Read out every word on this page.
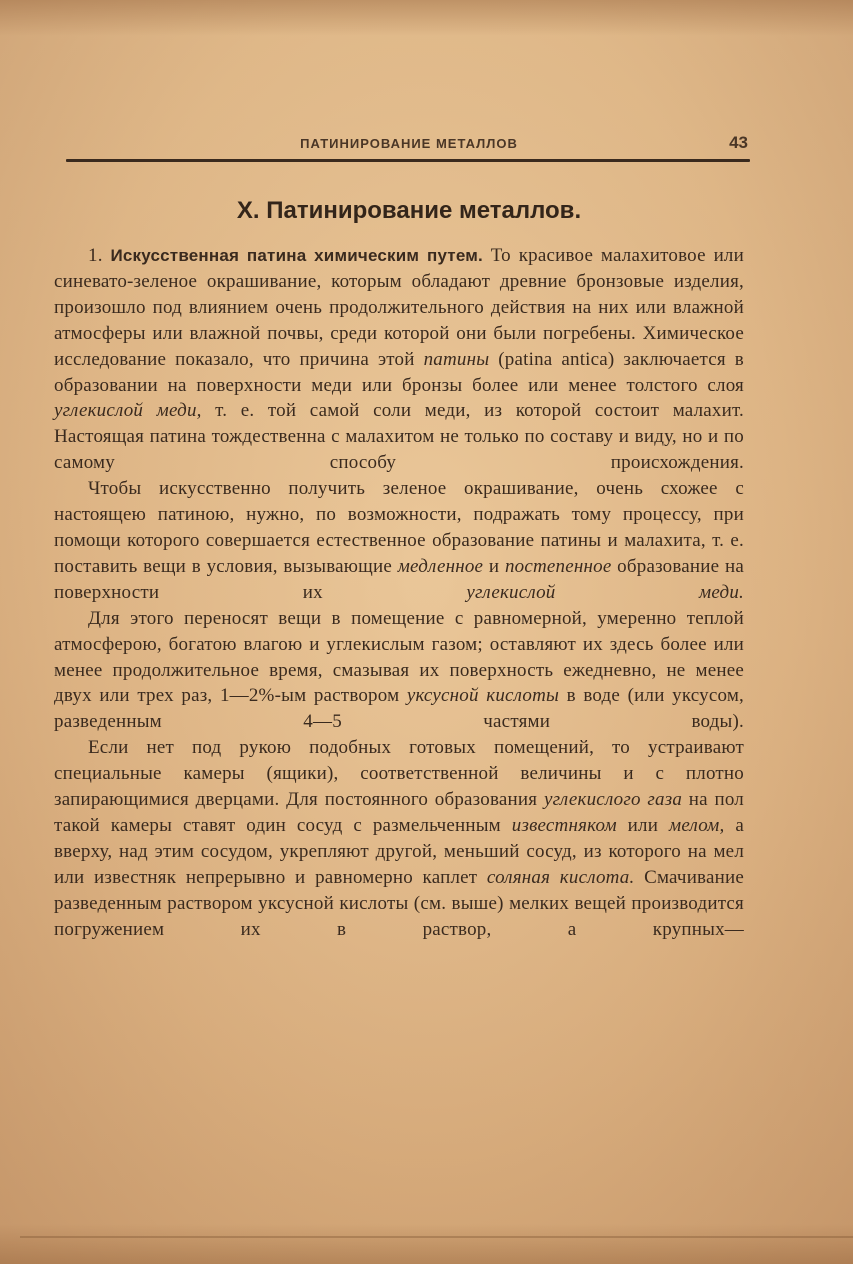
ПАТИНИРОВАНИЕ МЕТАЛЛОВ	43
X. Патинирование металлов.

1. Искусственная патина химическим путем. То красивое малахитовое или синевато-зеленое окрашивание, которым обладают древние бронзовые изделия, произошло под влиянием очень продолжительного действия на них или влажной атмосферы или влажной почвы, среди которой они были погребены. Химическое исследование показало, что причина этой патины (patina antica) заключается в образовании на поверхности меди или бронзы более или менее толстого слоя углекислой меди, т. е. той самой соли меди, из которой состоит малахит. Настоящая патина тождественна с малахитом не только по составу и виду, но и по самому способу происхождения.

Чтобы искусственно получить зеленое окрашивание, очень схожее с настоящею патиною, нужно, по возможности, подражать тому процессу, при помощи которого совершается естественное образование патины и малахита, т. е. поставить вещи в условия, вызывающие медленное и постепенное образование на поверхности их углекислой меди.

Для этого переносят вещи в помещение с равномерной, умеренно теплой атмосферою, богатою влагою и углекислым газом; оставляют их здесь более или менее продолжительное время, смазывая их поверхность ежедневно, не менее двух или трех раз, 1—2%-ым раствором уксусной кислоты в воде (или уксусом, разведенным 4—5 частями воды).

Если нет под рукою подобных готовых помещений, то устраивают специальные камеры (ящики), соответственной величины и с плотно запирающимися дверцами. Для постоянного образования углекислого газа на пол такой камеры ставят один сосуд с размельченным известняком или мелом, а вверху, над этим сосудом, укрепляют другой, меньший сосуд, из которого на мел или известняк непрерывно и равномерно каплет соляная кислота. Смачивание разведенным раствором уксусной кислоты (см. выше) мелких вещей производится погружением их в раствор, а крупных—
